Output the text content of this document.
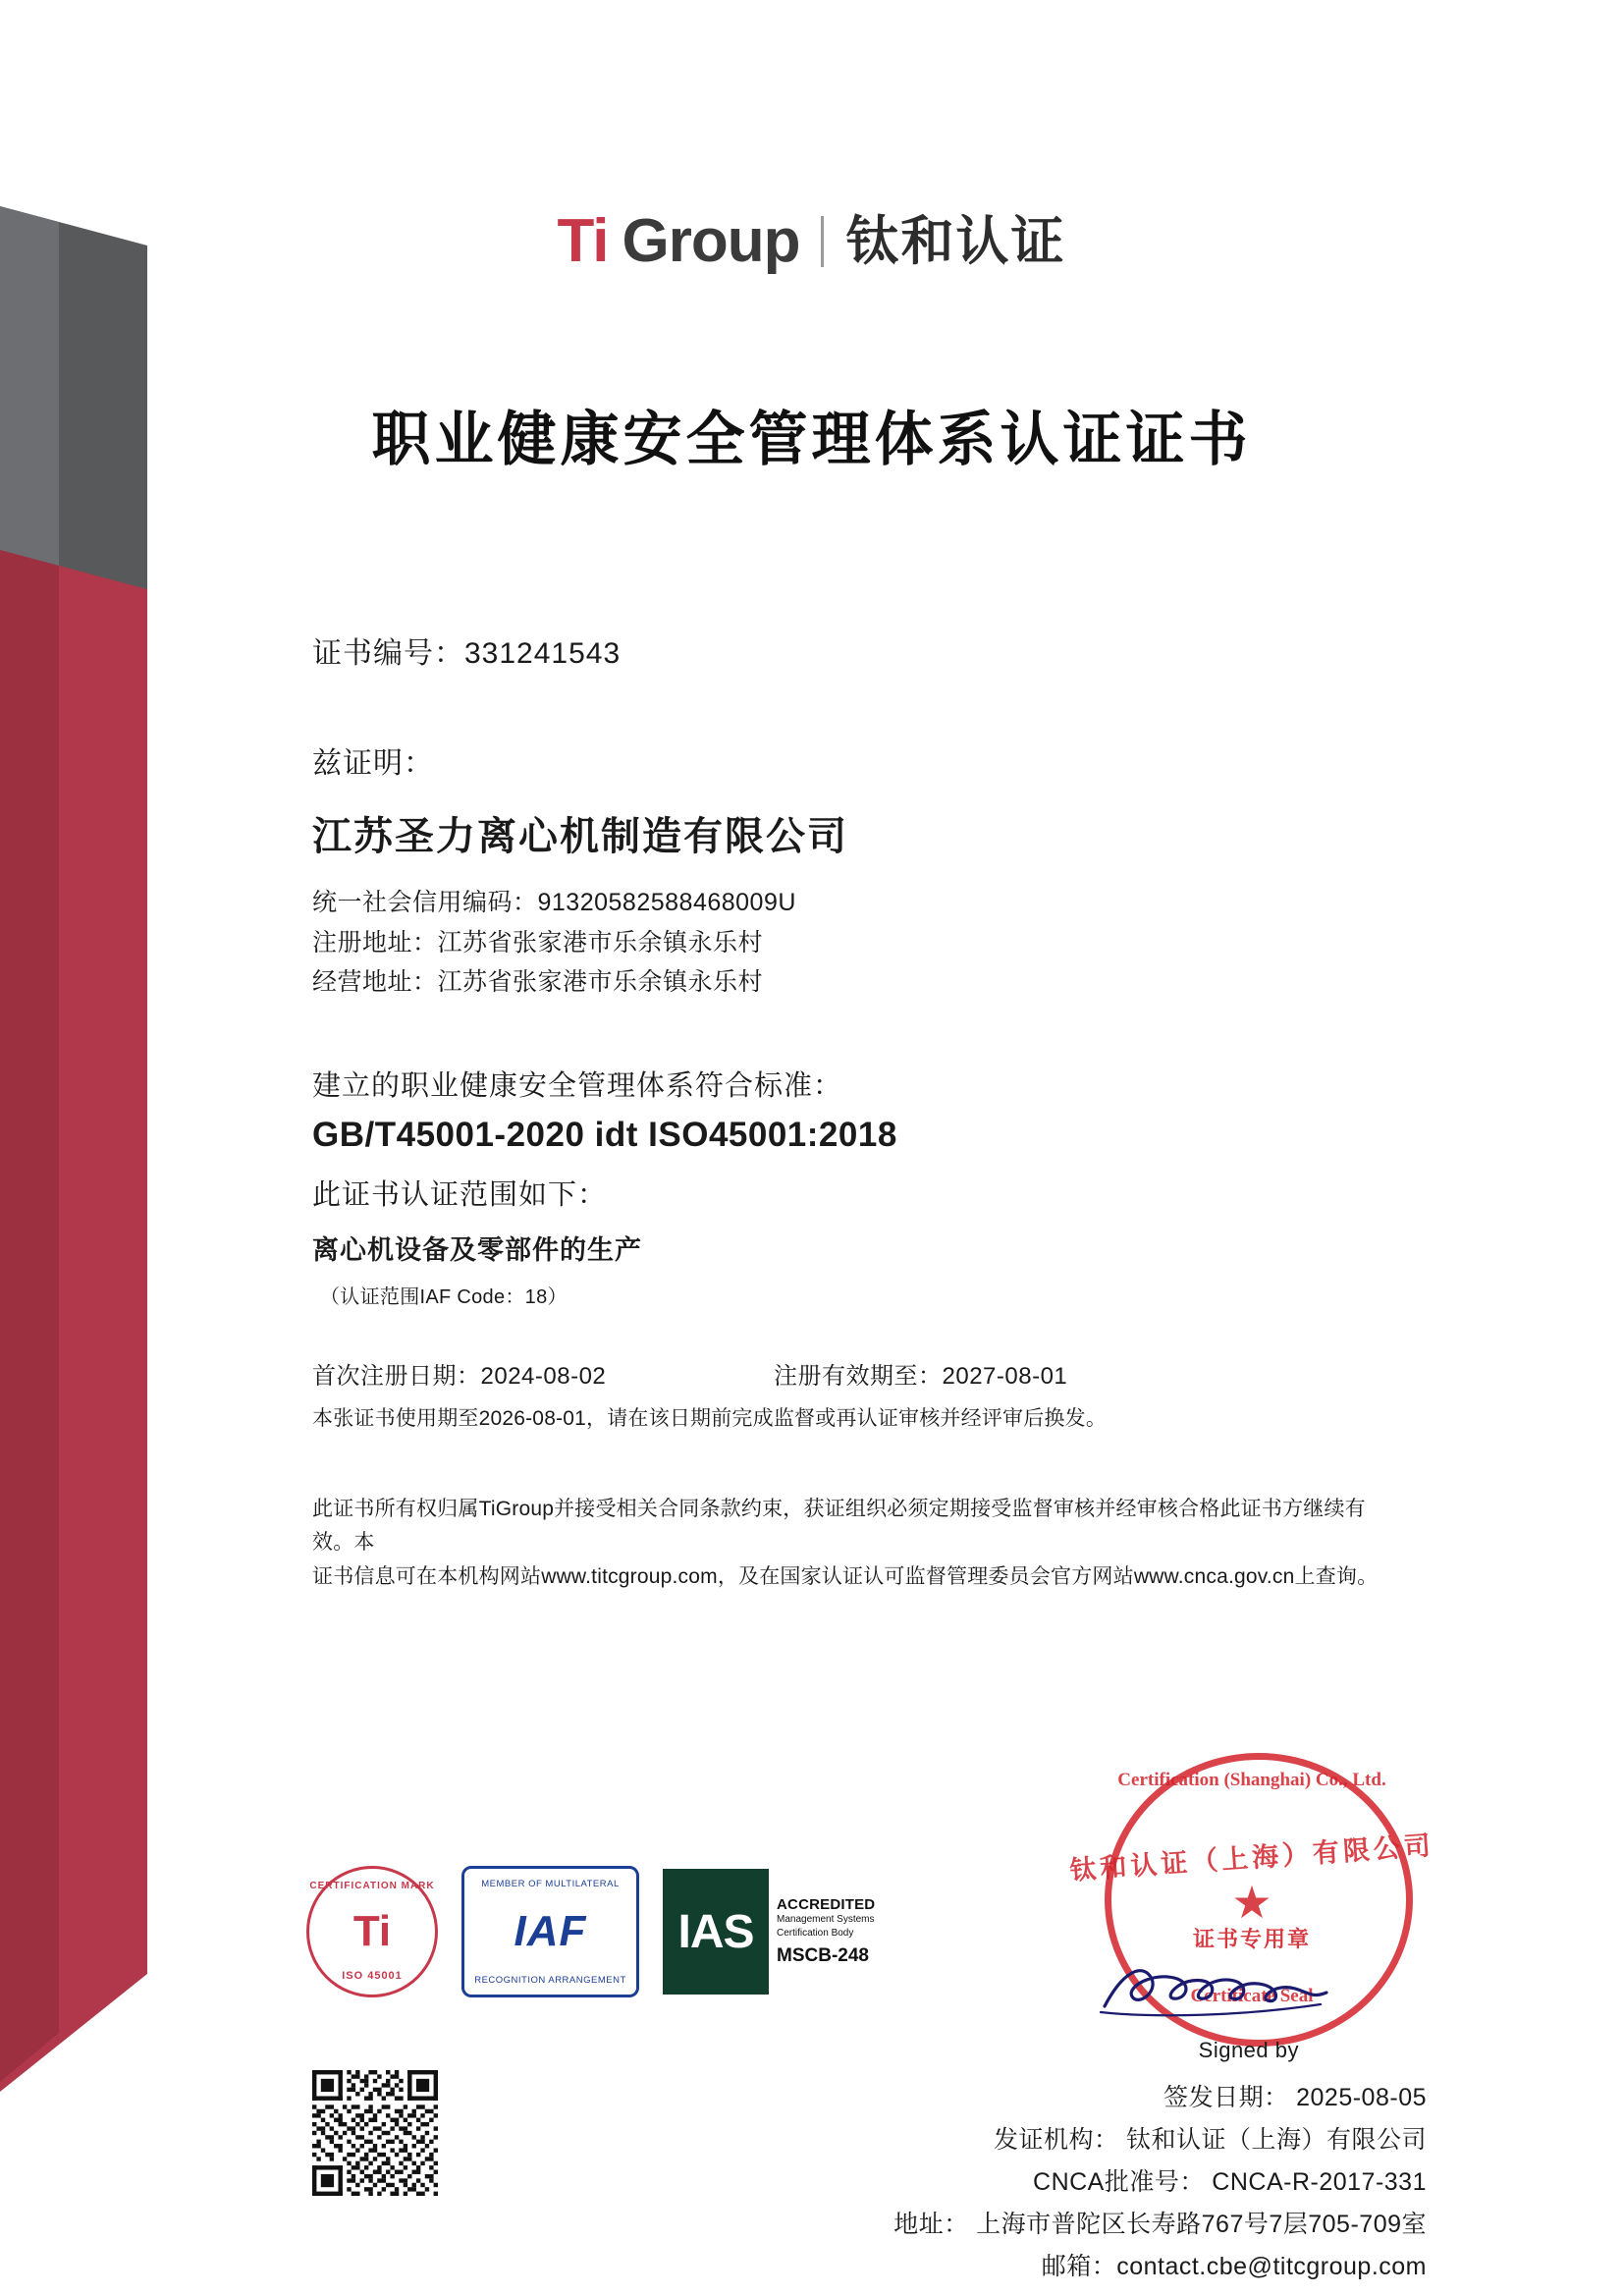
Ti Group 钛和认证
职业健康安全管理体系认证证书
证书编号：331241543
兹证明：
江苏圣力离心机制造有限公司
统一社会信用编码：91320582588468009U
注册地址：江苏省张家港市乐余镇永乐村
经营地址：江苏省张家港市乐余镇永乐村
建立的职业健康安全管理体系符合标准：
GB/T45001-2020 idt ISO45001:2018
此证书认证范围如下：
离心机设备及零部件的生产
（认证范围IAF Code：18）
首次注册日期：2024-08-02	注册有效期至：2027-08-01
本张证书使用期至2026-08-01，请在该日期前完成监督或再认证审核并经评审后换发。
此证书所有权归属TiGroup并接受相关合同条款约束，获证组织必须定期接受监督审核并经审核合格此证书方继续有效。本
证书信息可在本机构网站www.titcgroup.com，及在国家认证认可监督管理委员会官方网站www.cnca.gov.cn上查询。
CERTIFICATION MARK
Ti
ISO 45001
MEMBER OF MULTILATERAL
IAF
RECOGNITION ARRANGEMENT
IAS
ACCREDITED
Management Systems
Certification Body
MSCB-248
Certification (Shanghai) Co., Ltd.
钛和认证（上海）有限公司
★
证书专用章
Certificate Seal
Signed by
签发日期： 2025-08-05
发证机构： 钛和认证（上海）有限公司
CNCA批准号： CNCA-R-2017-331
地址： 上海市普陀区长寿路767号7层705-709室
邮箱：contact.cbe@titcgroup.com
